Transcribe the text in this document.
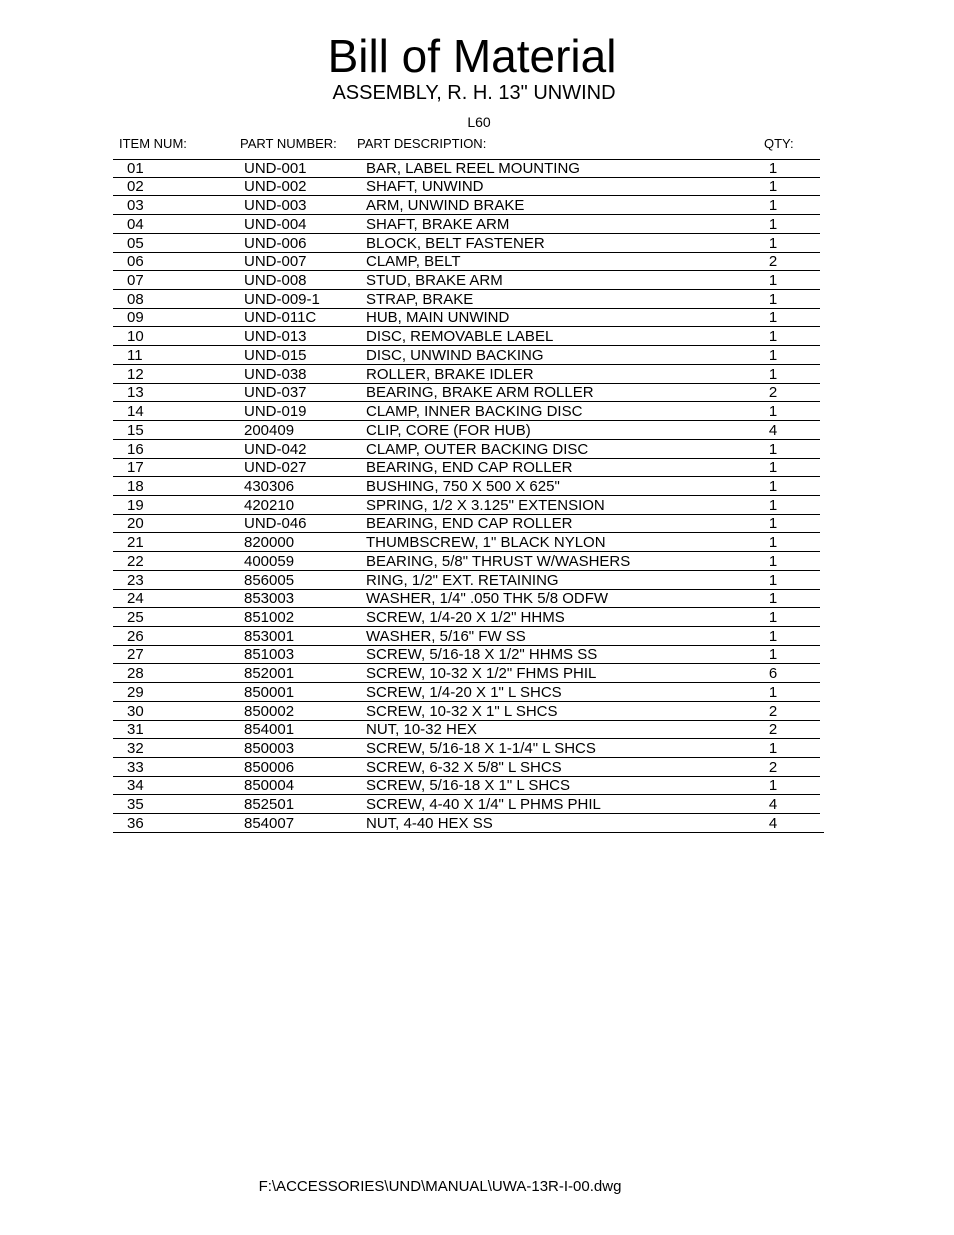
Bill of Material
ASSEMBLY, R. H. 13" UNWIND
L60
ITEM NUM:	PART NUMBER: PART DESCRIPTION:	QTY:
01	UND-001	BAR, LABEL REEL MOUNTING	1
02	UND-002	SHAFT, UNWIND	1
03	UND-003	ARM, UNWIND BRAKE	1
04	UND-004	SHAFT, BRAKE ARM	1
05	UND-006	BLOCK, BELT FASTENER	1
06	UND-007	CLAMP, BELT	2
07	UND-008	STUD, BRAKE ARM	1
08	UND-009-1	STRAP, BRAKE	1
09	UND-011C	HUB, MAIN UNWIND	1
10	UND-013	DISC, REMOVABLE LABEL	1
11	UND-015	DISC, UNWIND BACKING	1
12	UND-038	ROLLER, BRAKE IDLER	1
13	UND-037	BEARING, BRAKE ARM ROLLER	2
14	UND-019	CLAMP, INNER BACKING DISC	1
15	200409	CLIP, CORE (FOR HUB)	4
16	UND-042	CLAMP, OUTER BACKING DISC	1
17	UND-027	BEARING, END CAP ROLLER	1
18	430306	BUSHING, 750 X 500 X 625"	1
19	420210	SPRING, 1/2 X 3.125" EXTENSION	1
20	UND-046	BEARING, END CAP ROLLER	1
21	820000	THUMBSCREW, 1" BLACK NYLON	1
22	400059	BEARING, 5/8" THRUST W/WASHERS	1
23	856005	RING, 1/2" EXT. RETAINING	1
24	853003	WASHER, 1/4" .050 THK 5/8 ODFW	1
25	851002	SCREW, 1/4-20 X 1/2" HHMS	1
26	853001	WASHER, 5/16" FW SS	1
27	851003	SCREW, 5/16-18 X 1/2" HHMS SS	1
28	852001	SCREW, 10-32 X 1/2" FHMS PHIL	6
29	850001	SCREW, 1/4-20 X 1" L SHCS	1
30	850002	SCREW, 10-32 X 1" L SHCS	2
31	854001	NUT, 10-32 HEX	2
32	850003	SCREW, 5/16-18 X 1-1/4" L SHCS	1
33	850006	SCREW, 6-32 X 5/8" L SHCS	2
34	850004	SCREW, 5/16-18 X 1" L SHCS	1
35	852501	SCREW, 4-40 X 1/4" L PHMS PHIL	4
36	854007	NUT, 4-40 HEX SS	4
F:\ACCESSORIES\UND\MANUAL\UWA-13R-I-00.dwg
